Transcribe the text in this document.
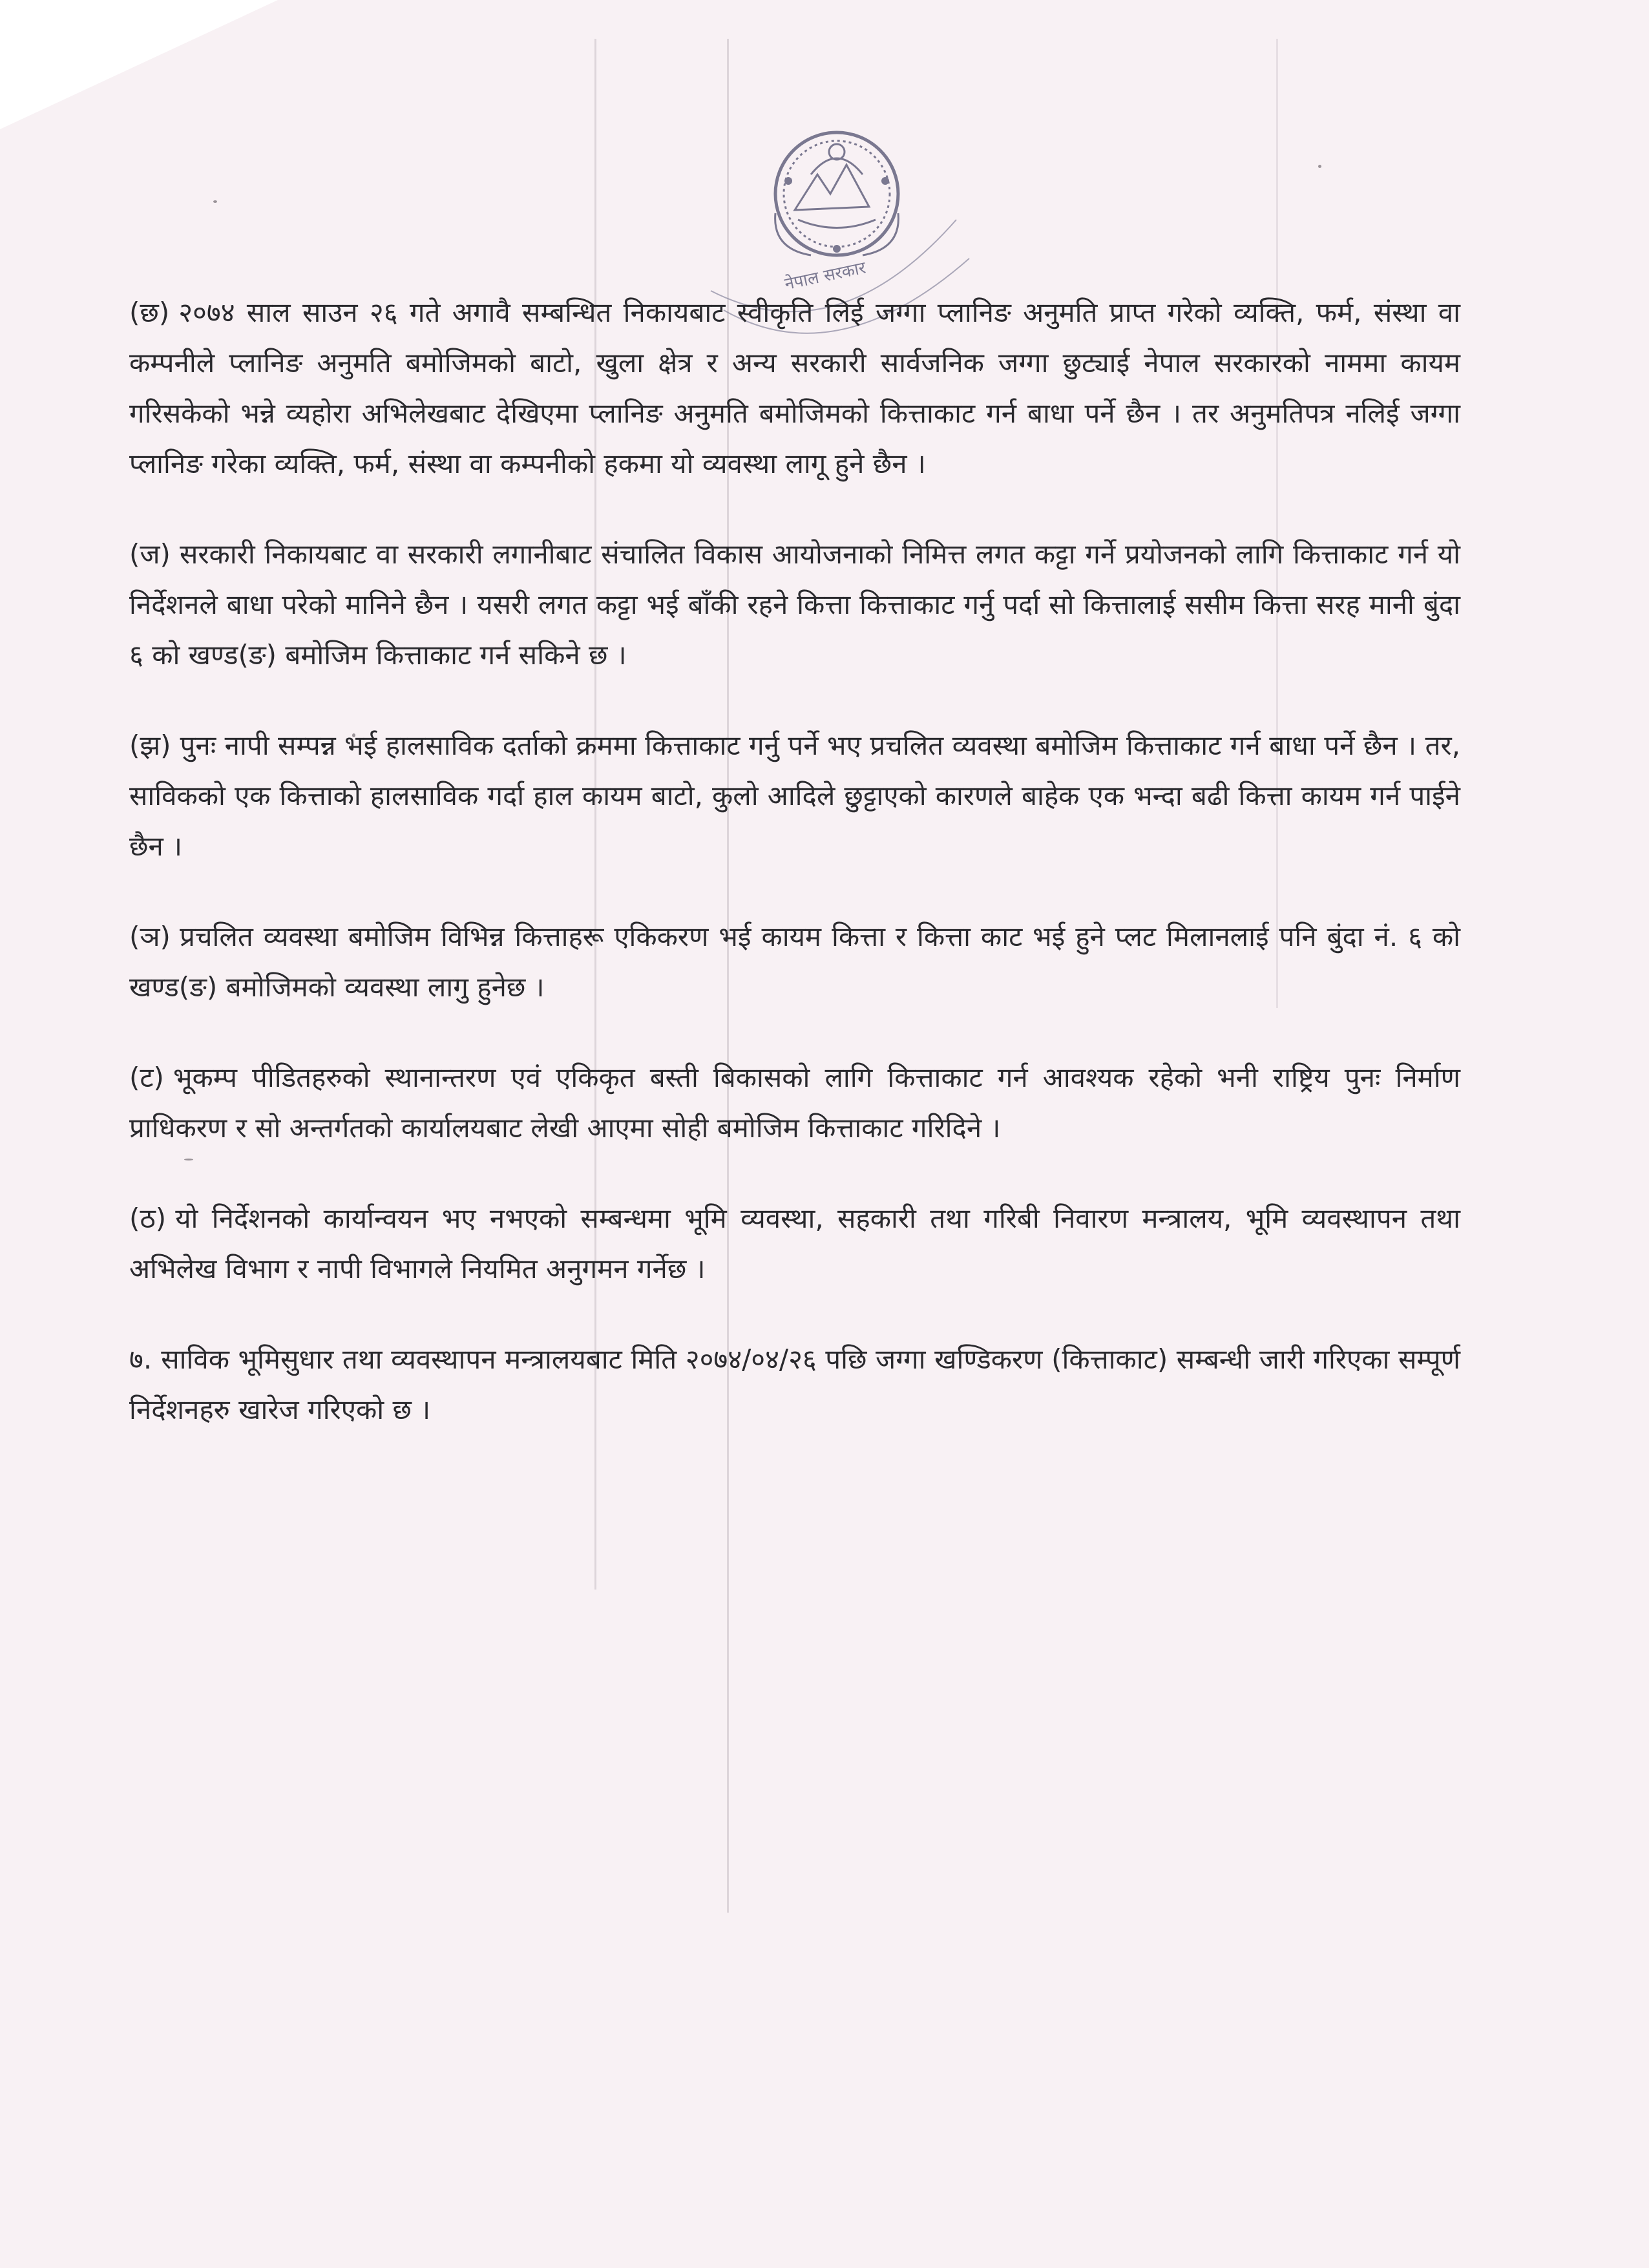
नेपाल सरकार

(छ) २०७४ साल साउन २६ गते अगावै सम्बन्धित निकायबाट स्वीकृति लिई जग्गा प्लानिङ अनुमति प्राप्त गरेको व्यक्ति, फर्म, संस्था वा कम्पनीले प्लानिङ अनुमति बमोजिमको बाटो, खुला क्षेत्र र अन्य सरकारी सार्वजनिक जग्गा छुट्याई नेपाल सरकारको नाममा कायम गरिसकेको भन्ने व्यहोरा अभिलेखबाट देखिएमा प्लानिङ अनुमति बमोजिमको कित्ताकाट गर्न बाधा पर्ने छैन । तर अनुमतिपत्र नलिई जग्गा प्लानिङ गरेका व्यक्ति, फर्म, संस्था वा कम्पनीको हकमा यो व्यवस्था लागू हुने छैन ।

(ज) सरकारी निकायबाट वा सरकारी लगानीबाट संचालित विकास आयोजनाको निमित्त लगत कट्टा गर्ने प्रयोजनको लागि कित्ताकाट गर्न यो निर्देशनले बाधा परेको मानिने छैन । यसरी लगत कट्टा भई बाँकी रहने कित्ता कित्ताकाट गर्नु पर्दा सो कित्तालाई ससीम कित्ता सरह मानी बुंदा ६ को खण्ड(ङ) बमोजिम कित्ताकाट गर्न सकिने छ ।

(झ) पुनः नापी सम्पन्न भई हालसाविक दर्ताको क्रममा कित्ताकाट गर्नु पर्ने भए प्रचलित व्यवस्था बमोजिम कित्ताकाट गर्न बाधा पर्ने छैन । तर, साविकको एक कित्ताको हालसाविक गर्दा हाल कायम बाटो, कुलो आदिले छुट्टाएको कारणले बाहेक एक भन्दा बढी कित्ता कायम गर्न पाईने छैन ।

(ञ) प्रचलित व्यवस्था बमोजिम विभिन्न कित्ताहरू एकिकरण भई कायम कित्ता र कित्ता काट भई हुने प्लट मिलानलाई पनि बुंदा नं. ६ को खण्ड(ङ) बमोजिमको व्यवस्था लागु हुनेछ ।

(ट) भूकम्प पीडितहरुको स्थानान्तरण एवं एकिकृत बस्ती बिकासको लागि कित्ताकाट गर्न आवश्यक रहेको भनी राष्ट्रिय पुनः निर्माण प्राधिकरण र सो अन्तर्गतको कार्यालयबाट लेखी आएमा सोही बमोजिम कित्ताकाट गरिदिने ।

(ठ) यो निर्देशनको कार्यान्वयन भए नभएको सम्बन्धमा भूमि व्यवस्था, सहकारी तथा गरिबी निवारण मन्त्रालय, भूमि व्यवस्थापन तथा अभिलेख विभाग र नापी विभागले नियमित अनुगमन गर्नेछ ।

७. साविक भूमिसुधार तथा व्यवस्थापन मन्त्रालयबाट मिति २०७४/०४/२६ पछि जग्गा खण्डिकरण (कित्ताकाट) सम्बन्धी जारी गरिएका सम्पूर्ण निर्देशनहरु खारेज गरिएको छ ।
